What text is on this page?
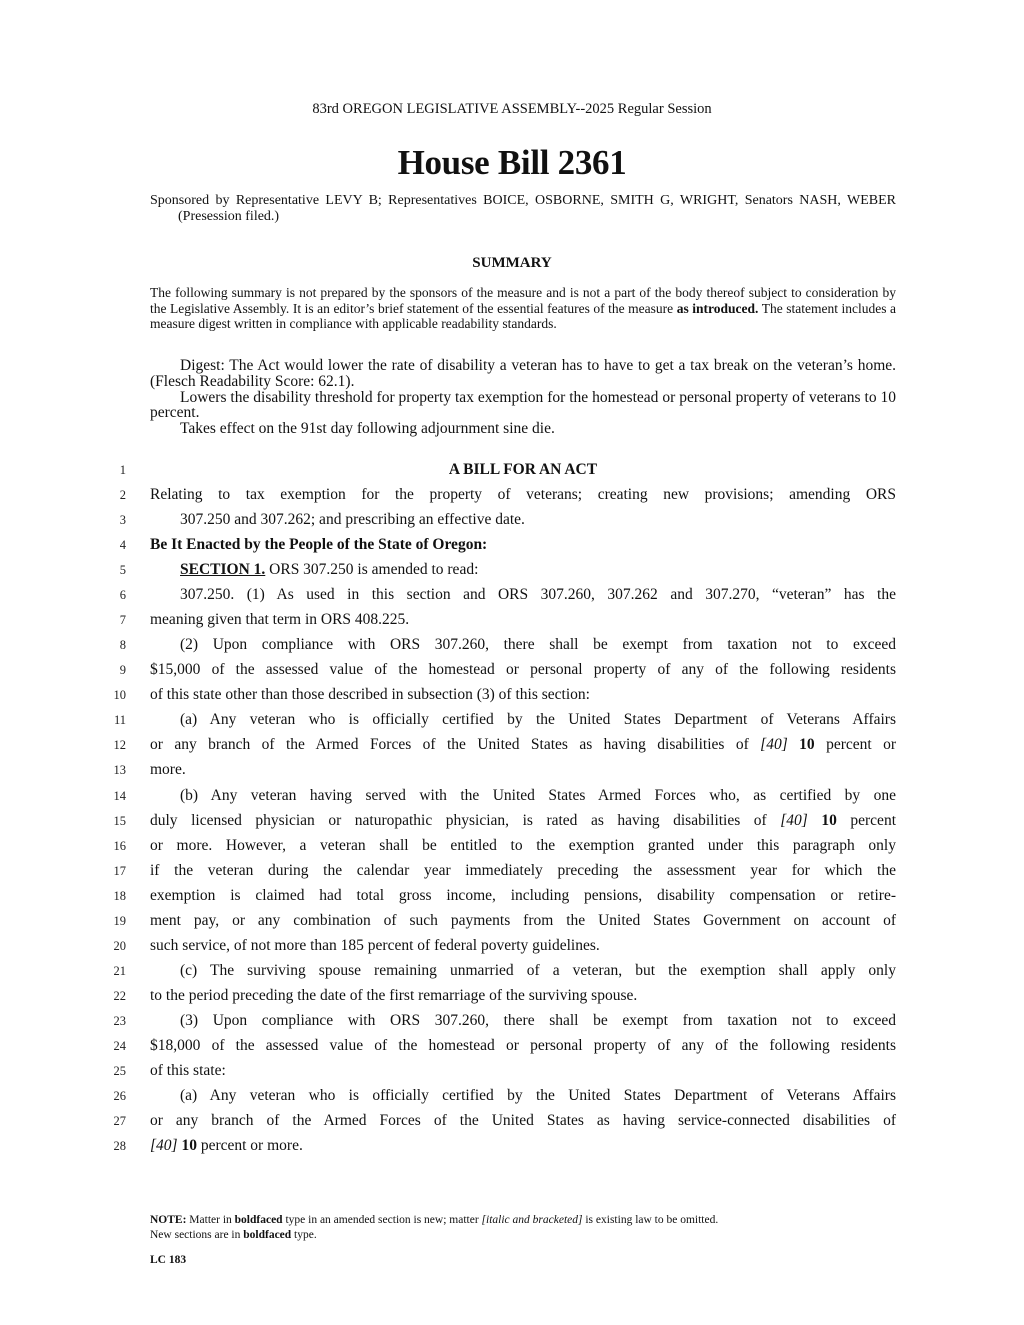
83rd OREGON LEGISLATIVE ASSEMBLY--2025 Regular Session
House Bill 2361
Sponsored by Representative LEVY B; Representatives BOICE, OSBORNE, SMITH G, WRIGHT, Senators NASH, WEBER (Presession filed.)
SUMMARY
The following summary is not prepared by the sponsors of the measure and is not a part of the body thereof subject to consideration by the Legislative Assembly. It is an editor’s brief statement of the essential features of the measure as introduced. The statement includes a measure digest written in compliance with applicable readability standards.

Digest: The Act would lower the rate of disability a veteran has to have to get a tax break on the veteran’s home. (Flesch Readability Score: 62.1).

Lowers the disability threshold for property tax exemption for the homestead or personal property of veterans to 10 percent.

Takes effect on the 91st day following adjournment sine die.

1
2
3
4
5
6
7
8
9
10
11
12
13
14
15
16
17
18
19
20
21
22
23
24
25
26
27
28
A BILL FOR AN ACT
Relating to tax exemption for the property of veterans; creating new provisions; amending ORS
307.250 and 307.262; and prescribing an effective date.
Be It Enacted by the People of the State of Oregon:
SECTION 1. ORS 307.250 is amended to read:
307.250. (1) As used in this section and ORS 307.260, 307.262 and 307.270, “veteran” has the
meaning given that term in ORS 408.225.
(2) Upon compliance with ORS 307.260, there shall be exempt from taxation not to exceed
$15,000 of the assessed value of the homestead or personal property of any of the following residents
of this state other than those described in subsection (3) of this section:
(a) Any veteran who is officially certified by the United States Department of Veterans Affairs
or any branch of the Armed Forces of the United States as having disabilities of [40] 10 percent or
more.
(b) Any veteran having served with the United States Armed Forces who, as certified by one
duly licensed physician or naturopathic physician, is rated as having disabilities of [40] 10 percent
or more. However, a veteran shall be entitled to the exemption granted under this paragraph only
if the veteran during the calendar year immediately preceding the assessment year for which the
exemption is claimed had total gross income, including pensions, disability compensation or retire-
ment pay, or any combination of such payments from the United States Government on account of
such service, of not more than 185 percent of federal poverty guidelines.
(c) The surviving spouse remaining unmarried of a veteran, but the exemption shall apply only
to the period preceding the date of the first remarriage of the surviving spouse.
(3) Upon compliance with ORS 307.260, there shall be exempt from taxation not to exceed
$18,000 of the assessed value of the homestead or personal property of any of the following residents
of this state:
(a) Any veteran who is officially certified by the United States Department of Veterans Affairs
or any branch of the Armed Forces of the United States as having service-connected disabilities of
[40] 10 percent or more.
NOTE: Matter in boldfaced type in an amended section is new; matter [italic and bracketed] is existing law to be omitted.
New sections are in boldfaced type.
LC 183
